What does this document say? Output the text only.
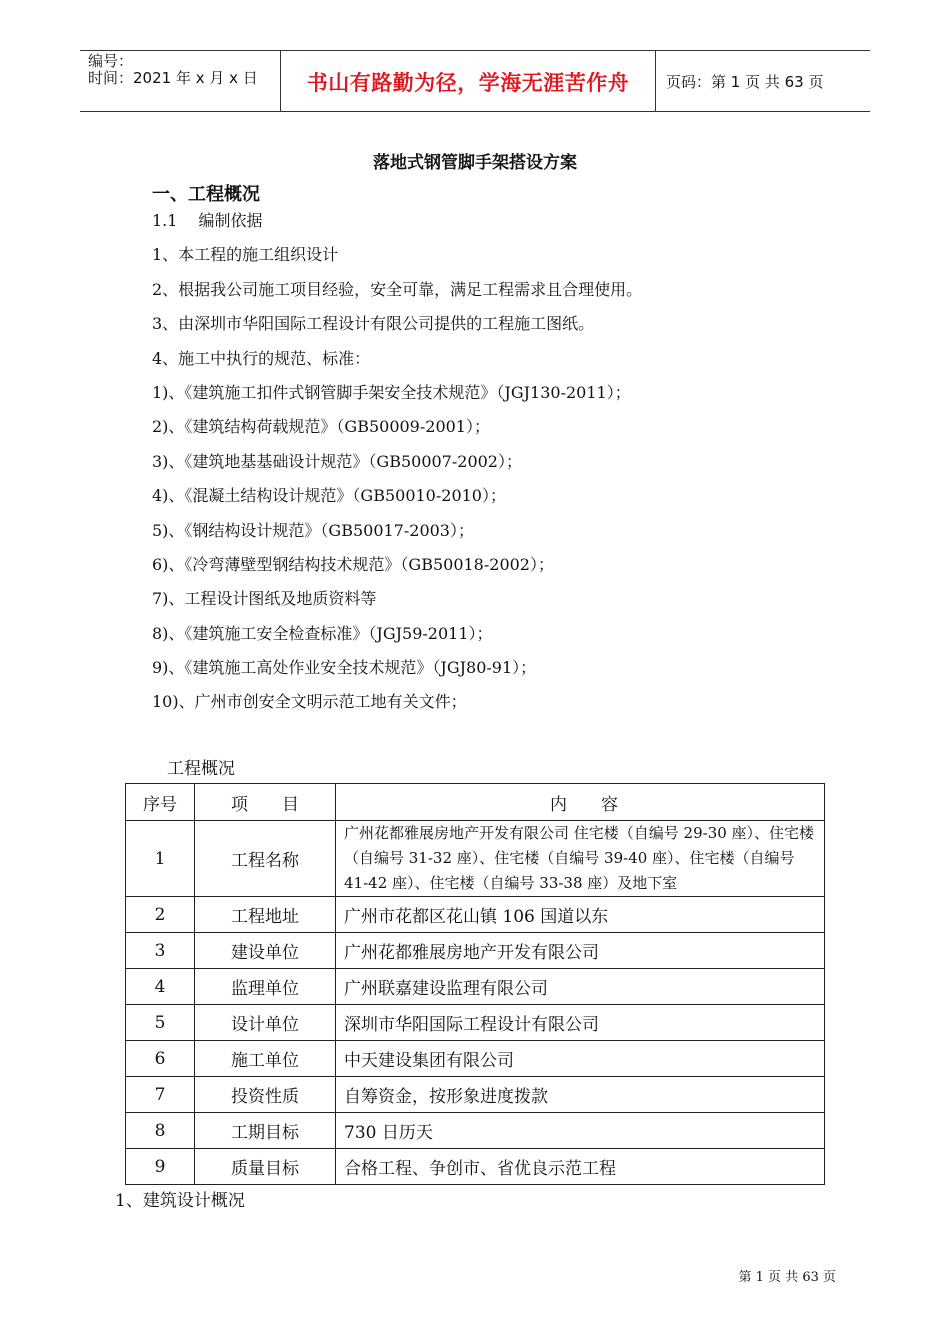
编号：
时间：2021 年 x 月 x 日	书山有路勤为径，学海无涯苦作舟	页码：第 1 页 共 63 页
落地式钢管脚手架搭设方案
一、工程概况
1.1　 编制依据
1、本工程的施工组织设计
2、根据我公司施工项目经验，安全可靠，满足工程需求且合理使用。
3、由深圳市华阳国际工程设计有限公司提供的工程施工图纸。
4、施工中执行的规范、标准：
1)、《建筑施工扣件式钢管脚手架安全技术规范》（JGJ130-2011）；
2)、《建筑结构荷载规范》（GB50009-2001）；
3)、《建筑地基基础设计规范》（GB50007-2002）；
4)、《混凝土结构设计规范》（GB50010-2010）；
5)、《钢结构设计规范》（GB50017-2003）；
6)、《冷弯薄壁型钢结构技术规范》（GB50018-2002）；
7)、工程设计图纸及地质资料等
8)、《建筑施工安全检查标准》（JGJ59-2011）；
9)、《建筑施工高处作业安全技术规范》（JGJ80-91）；
10)、广州市创安全文明示范工地有关文件；
工程概况
序号	项　　目	内　　容
1	工程名称	广州花都雅展房地产开发有限公司 住宅楼（自编号 29-30 座）、住宅楼（自编号 31-32 座）、住宅楼（自编号 39-40 座）、住宅楼（自编号 41-42 座）、住宅楼（自编号 33-38 座）及地下室
2	工程地址	广州市花都区花山镇 106 国道以东
3	建设单位	广州花都雅展房地产开发有限公司
4	监理单位	广州联嘉建设监理有限公司
5	设计单位	深圳市华阳国际工程设计有限公司
6	施工单位	中天建设集团有限公司
7	投资性质	自筹资金，按形象进度拨款
8	工期目标	730 日历天
9	质量目标	合格工程、争创市、省优良示范工程
1、建筑设计概况
第 1 页 共 63 页
